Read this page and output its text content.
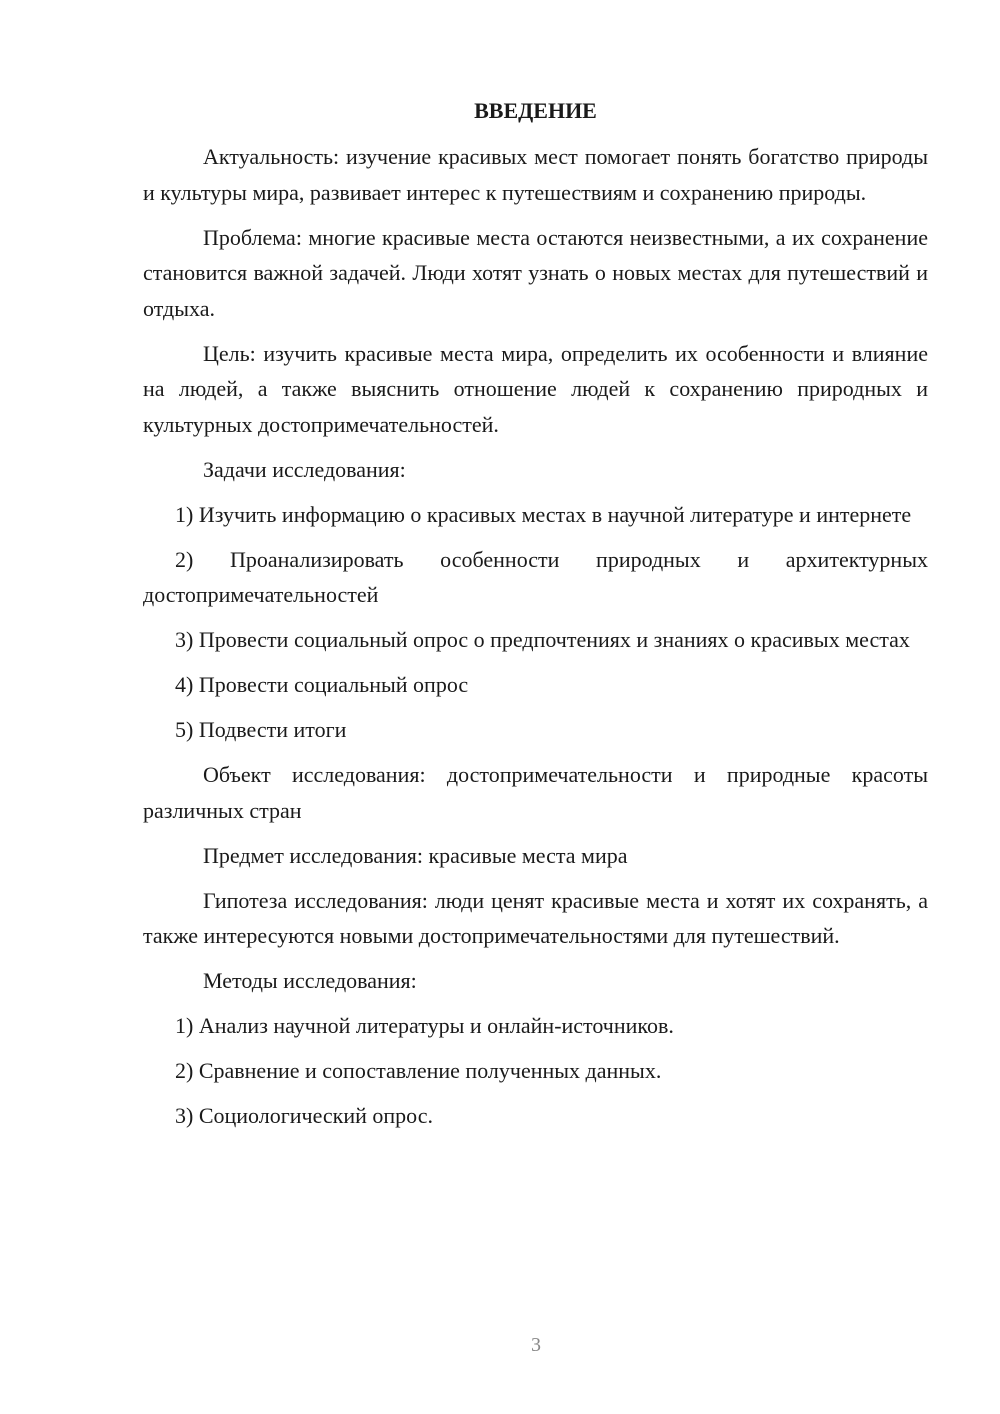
ВВЕДЕНИЕ

Актуальность: изучение красивых мест помогает понять богатство природы и культуры мира, развивает интерес к путешествиям и сохранению природы.

Проблема: многие красивые места остаются неизвестными, а их сохранение становится важной задачей. Люди хотят узнать о новых местах для путешествий и отдыха.

Цель: изучить красивые места мира, определить их особенности и влияние на людей, а также выяснить отношение людей к сохранению природных и культурных достопримечательностей.

Задачи исследования:

1) Изучить информацию о красивых местах в научной литературе и интернете

2) Проанализировать особенности природных и архитектурных достопримечательностей

3) Провести социальный опрос о предпочтениях и знаниях о красивых местах

4) Провести социальный опрос

5) Подвести итоги

Объект исследования: достопримечательности и природные красоты различных стран

Предмет исследования: красивые места мира

Гипотеза исследования: люди ценят красивые места и хотят их сохранять, а также интересуются новыми достопримечательностями для путешествий.

Методы исследования:

1) Анализ научной литературы и онлайн-источников.

2) Сравнение и сопоставление полученных данных.

3) Социологический опрос.

3
